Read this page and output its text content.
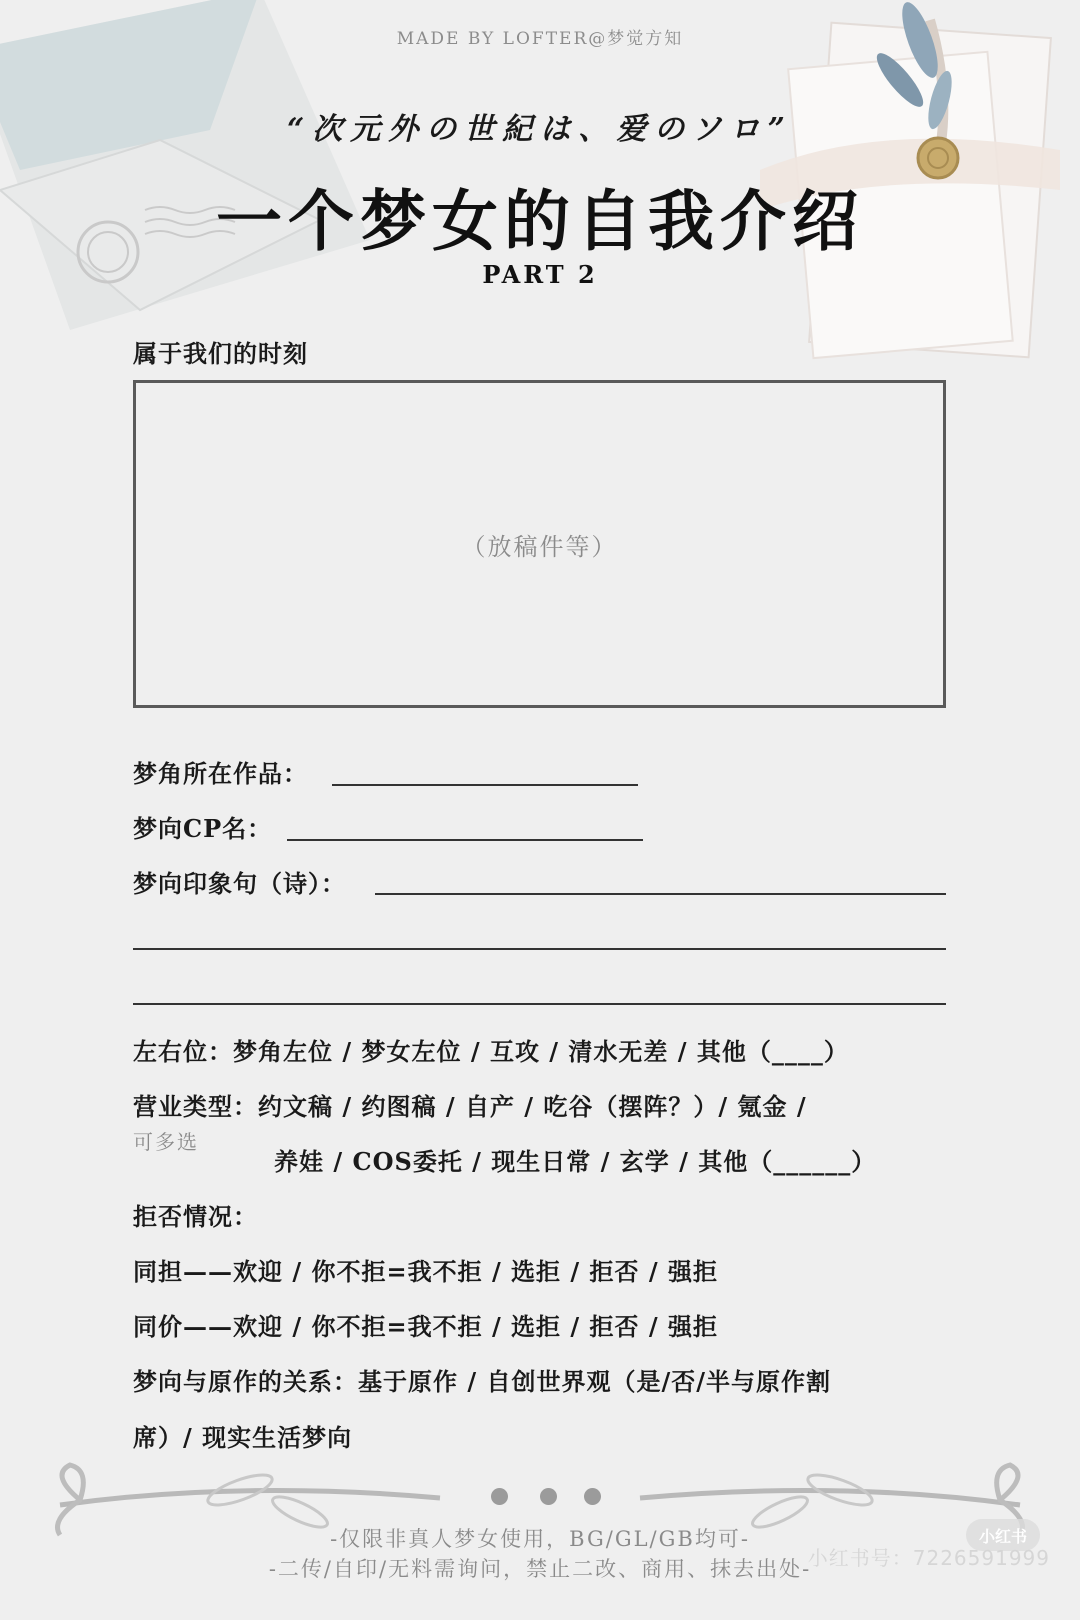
MADE BY LOFTER@梦觉方知
“次元外の世紀は、爱のソロ”
一个梦女的自我介绍
PART 2
属于我们的时刻
（放稿件等）
梦角所在作品：
梦向CP名：
梦向印象句（诗）：
左右位：梦角左位 / 梦女左位 / 互攻 / 清水无差 / 其他（____）
营业类型：约文稿 / 约图稿 / 自产 / 吃谷（摆阵？）/ 氪金 /
可多选
养娃 / COS委托 / 现生日常 / 玄学 / 其他（______）
拒否情况：
同担——欢迎 / 你不拒=我不拒 / 选拒 / 拒否 / 强拒
同价——欢迎 / 你不拒=我不拒 / 选拒 / 拒否 / 强拒
梦向与原作的关系：基于原作 / 自创世界观（是/否/半与原作割
席）/ 现实生活梦向
-仅限非真人梦女使用，BG/GL/GB均可-
-二传/自印/无料需询问，禁止二改、商用、抹去出处-
小红书
小红书号：7226591999
